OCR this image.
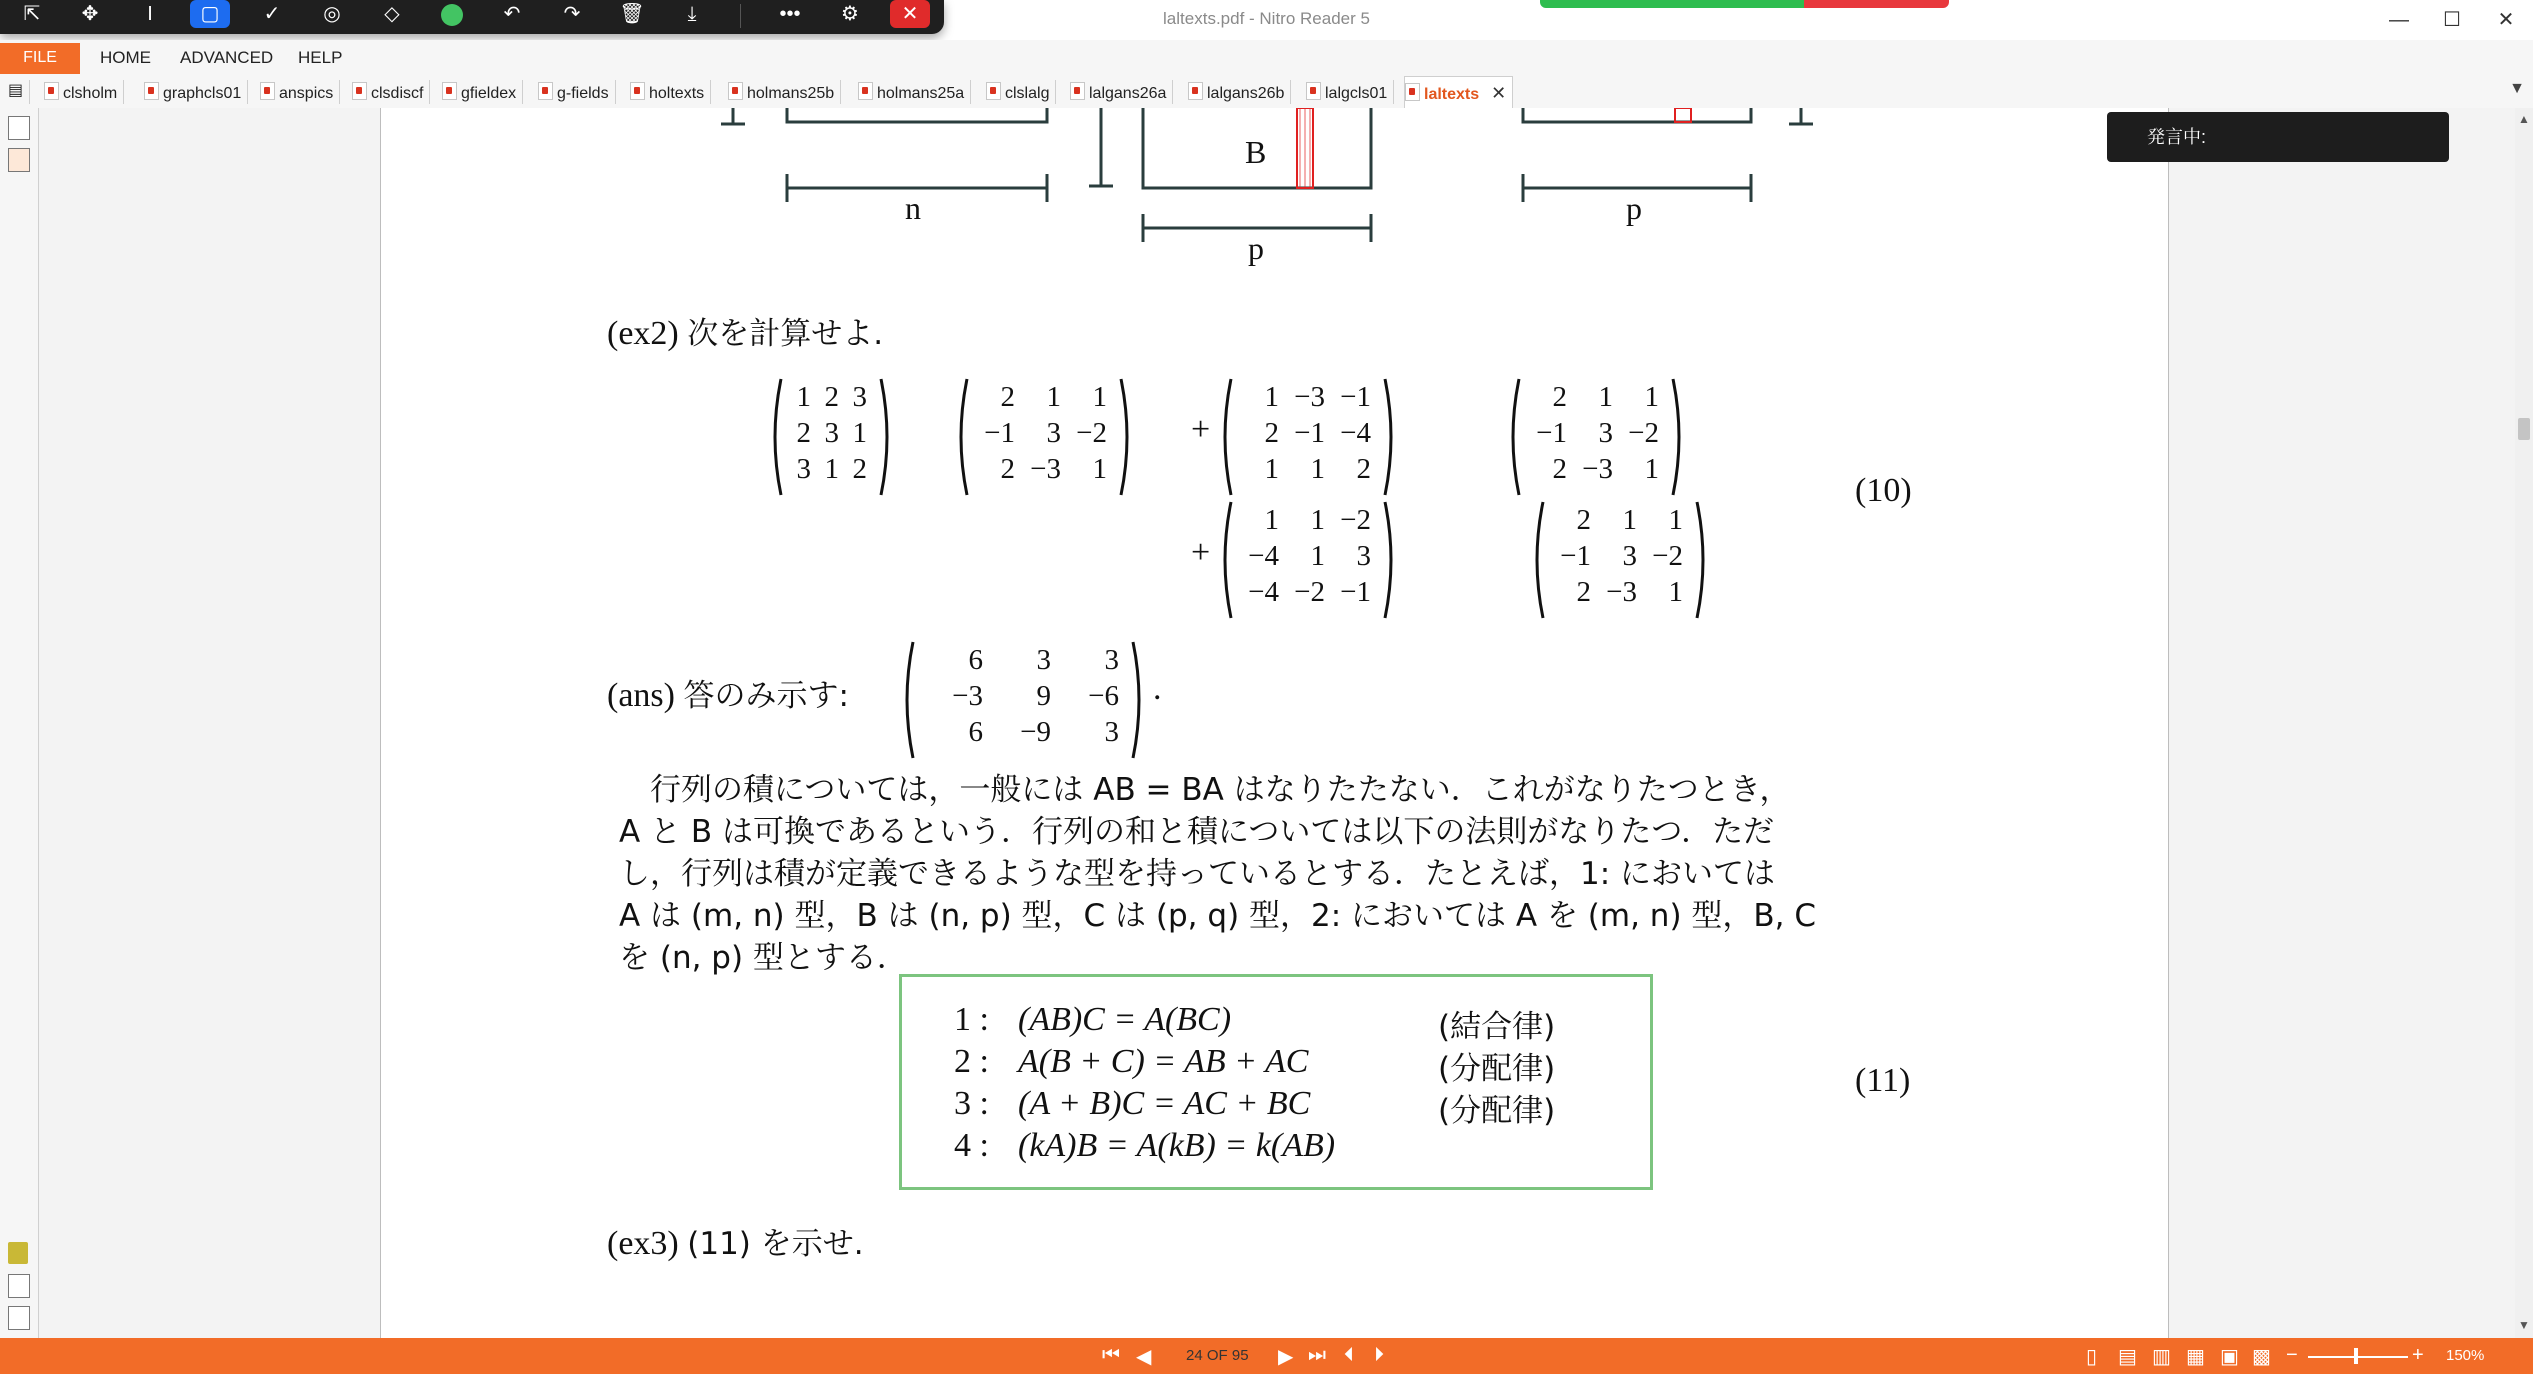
laltexts.pdf - Nitro Reader 5	—	☐	✕
⇱	✥	I	▢	✓	◎	◇	↶	↷	🗑	⤓	•••	⚙	✕
FILE	HOME ADVANCED HELP
▤	clsholm	graphcls01	anspics	clsdiscf	gfieldex	g-fields	holtexts	holmans25b	holmans25a	clslalg	lalgans26a	lalgans26b	lalgcls01	laltexts ✕	▼
B
n
p
p
(ex2) 次を計算せよ.
1 2 3
2 3 1
3 1 2
2	1	1
−1	3 −2
2 −3	1
+
1 −3 −1
2 −1 −4
1	1	2
2	1	1
−1	3 −2
2 −3	1
(10)
+
1	1 −2
−4	1	3
−4 −2 −1
2	1	1
−1	3 −2
2 −3	1
(ans) 答のみ示す:
6	3	3
−3	9	−6
6	−9	3
.
　行列の積については，一般には AB = BA はなりたたない．これがなりたつとき，
A と B は可換であるという．行列の和と積については以下の法則がなりたつ．ただ
し，行列は積が定義できるような型を持っているとする．たとえば，1: においては
A は (m, n) 型，B は (n, p) 型，C は (p, q) 型，2: においては A を (m, n) 型，B, C
を (n, p) 型とする．
1 : (AB)C = A(BC)	(結合律)
2 : A(B + C) = AB + AC	(分配律)
3 : (A + B)C = AC + BC	(分配律)
4 : (kA)B = A(kB) = k(AB)
(11)
(ex3) (11) を示せ.
▲
▼
発言中:
⏮ ◀ 24 OF 95 ▶ ⏭ ⏴ ⏵	▯ ▤ ▥ ▦ ▣ ▩ −	+ 150%
